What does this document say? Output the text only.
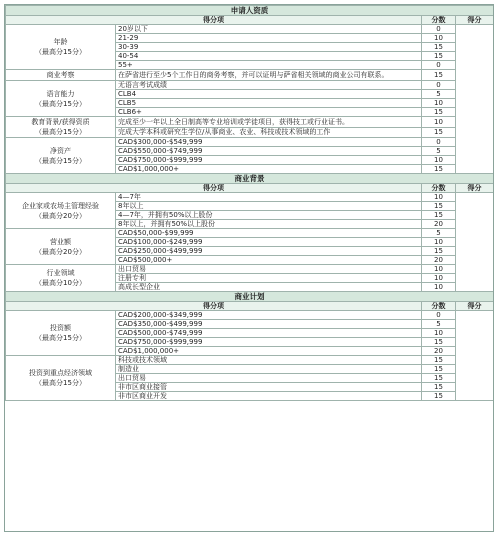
申请人资质			
得分项		分数	得分

年龄
（最高分15分）	20岁以下	0	
	21-29	10	
	30-39	15	
	40-54	15	
	55+	0	

商业考察	在萨省进行至少5个工作日的商务考察，并可以证明与萨省相关领域的商业公司有联系。	15	

语言能力
（最高分15分）	无语言考试成绩	0	
	CLB4	5	
	CLB5	10	
	CLB6+	15	

教育背景/获得资质
（最高分15分）	完成至少一年以上全日制高等专业培训或学徒项目，获得技工或行业证书。	10	
	完成大学本科或研究生学位/从事商业、农业、科技或技术领域的工作	15	

净资产
（最高分15分）	CAD$300,000-$549,999	0	
	CAD$550,000-$749,999	5	
	CAD$750,000-$999,999	10	
	CAD$1,000,000+	15	
商业背景			
得分项		分数	得分

企业家或农场主管理经验
（最高分20分）	4—7年	10	
	8年以上	15	
	4—7年，并拥有50%以上股份	15	
	8年以上，并拥有50%以上股份	20	

营业额
（最高分20分）	CAD$50,000-$99,999	5	
	CAD$100,000-$249,999	10	
	CAD$250,000-$499,999	15	
	CAD$500,000+	20	

行业领域
（最高分10分）	出口贸易	10	
	注册专利	10	
	高成长型企业	10	
商业计划			
得分项		分数	得分

投资额
（最高分15分）	CAD$200,000-$349,999	0	
	CAD$350,000-$499,999	5	
	CAD$500,000-$749,999	10	
	CAD$750,000-$999,999	15	
	CAD$1,000,000+	20	

投资到重点经济领域
（最高分15分）	科技或技术领域	15	
	制造业	15	
	出口贸易	15	
	非市区商业接管	15	
	非市区商业开发	15	
